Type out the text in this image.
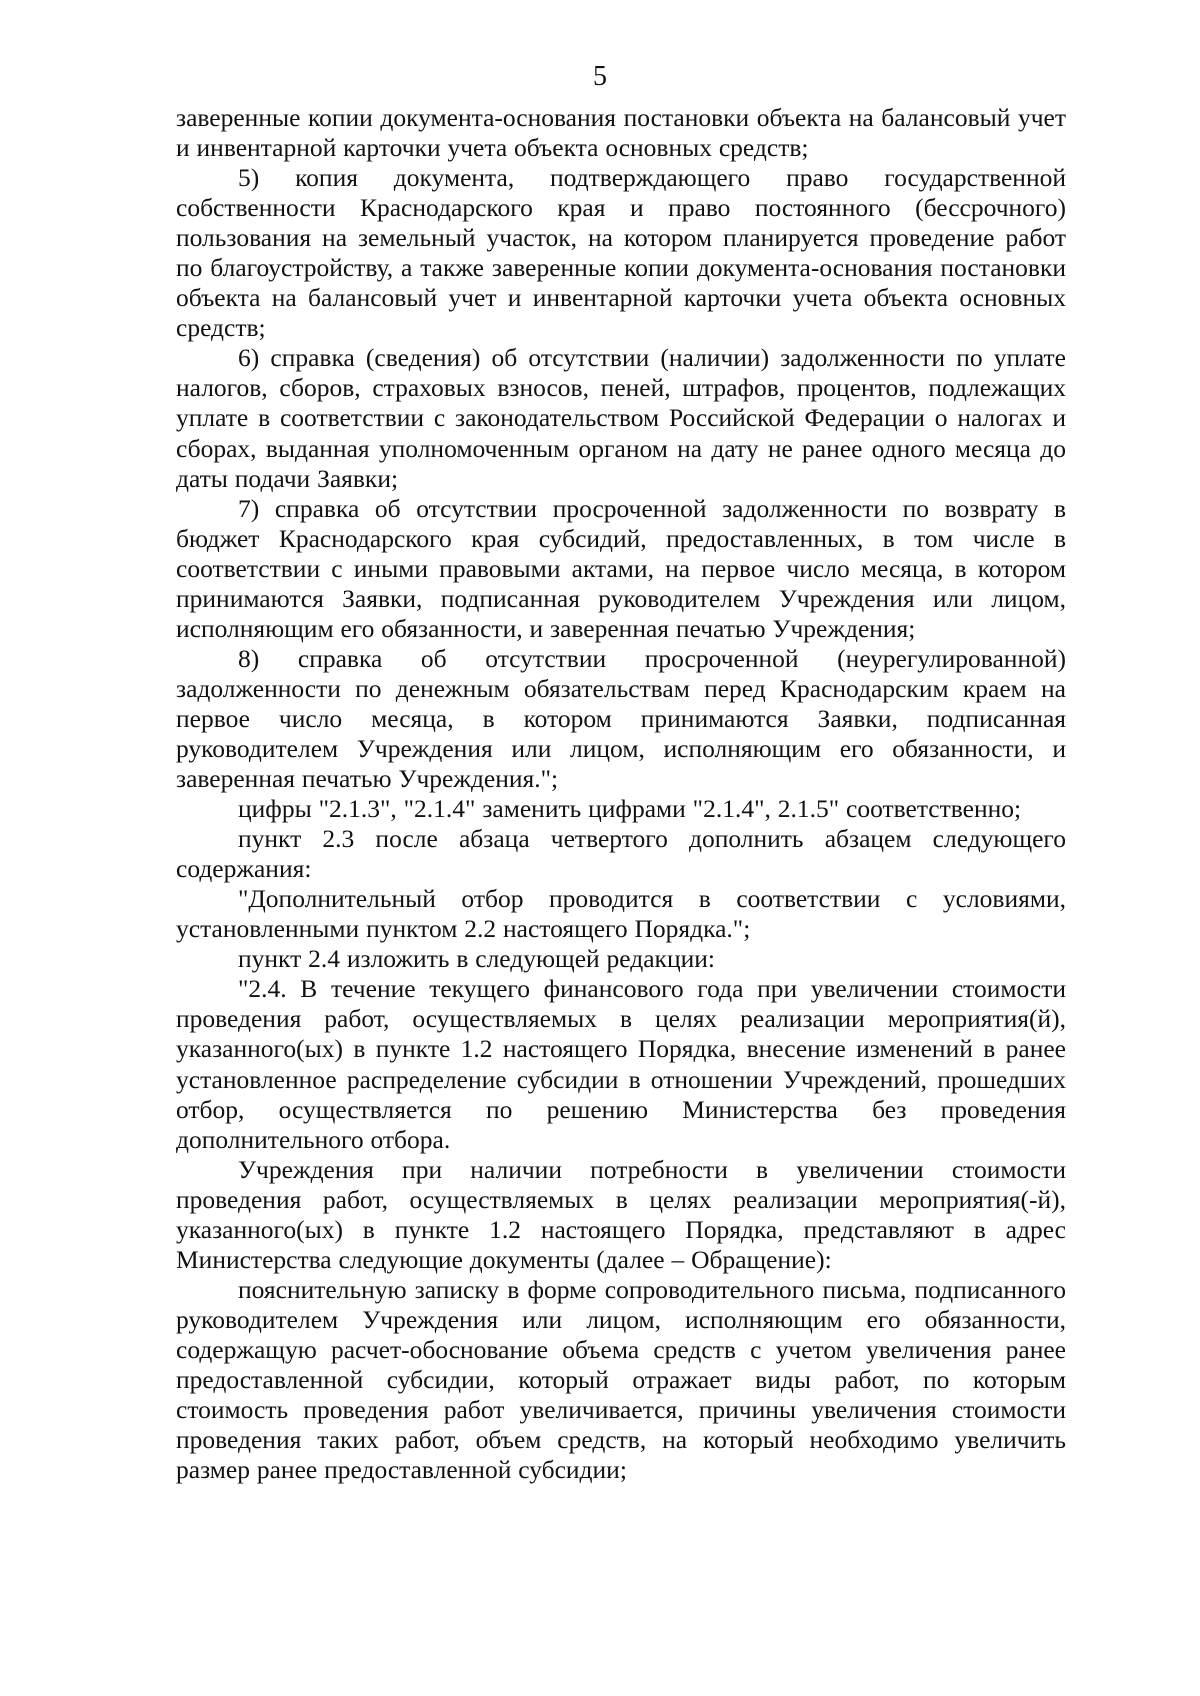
5

заверенные копии документа-основания постановки объекта на балансовый учет и инвентарной карточки учета объекта основных средств;

5) копия документа, подтверждающего право государственной собственности Краснодарского края и право постоянного (бессрочного) пользования на земельный участок, на котором планируется проведение работ по благоустройству, а также заверенные копии документа-основания постановки объекта на балансовый учет и инвентарной карточки учета объекта основных средств;

6) справка (сведения) об отсутствии (наличии) задолженности по уплате налогов, сборов, страховых взносов, пеней, штрафов, процентов, подлежащих уплате в соответствии с законодательством Российской Федерации о налогах и сборах, выданная уполномоченным органом на дату не ранее одного месяца до даты подачи Заявки;

7) справка об отсутствии просроченной задолженности по возврату в бюджет Краснодарского края субсидий, предоставленных, в том числе в соответствии с иными правовыми актами, на первое число месяца, в котором принимаются Заявки, подписанная руководителем Учреждения или лицом, исполняющим его обязанности, и заверенная печатью Учреждения;

8) справка об отсутствии просроченной (неурегулированной) задолженности по денежным обязательствам перед Краснодарским краем на первое число месяца, в котором принимаются Заявки, подписанная руководителем Учреждения или лицом, исполняющим его обязанности, и заверенная печатью Учреждения.";

цифры "2.1.3", "2.1.4" заменить цифрами "2.1.4", 2.1.5" соответственно;

пункт 2.3 после абзаца четвертого дополнить абзацем следующего содержания:

"Дополнительный отбор проводится в соответствии с условиями, установленными пунктом 2.2 настоящего Порядка.";

пункт 2.4 изложить в следующей редакции:

"2.4. В течение текущего финансового года при увеличении стоимости проведения работ, осуществляемых в целях реализации мероприятия(й), указанного(ых) в пункте 1.2 настоящего Порядка, внесение изменений в ранее установленное распределение субсидии в отношении Учреждений, прошедших отбор, осуществляется по решению Министерства без проведения дополнительного отбора.

Учреждения при наличии потребности в увеличении стоимости проведения работ, осуществляемых в целях реализации мероприятия(-й), указанного(ых) в пункте 1.2 настоящего Порядка, представляют в адрес Министерства следующие документы (далее – Обращение):

пояснительную записку в форме сопроводительного письма, подписанного руководителем Учреждения или лицом, исполняющим его обязанности, содержащую расчет-обоснование объема средств с учетом увеличения ранее предоставленной субсидии, который отражает виды работ, по которым стоимость проведения работ увеличивается, причины увеличения стоимости проведения таких работ, объем средств, на который необходимо увеличить размер ранее предоставленной субсидии;
